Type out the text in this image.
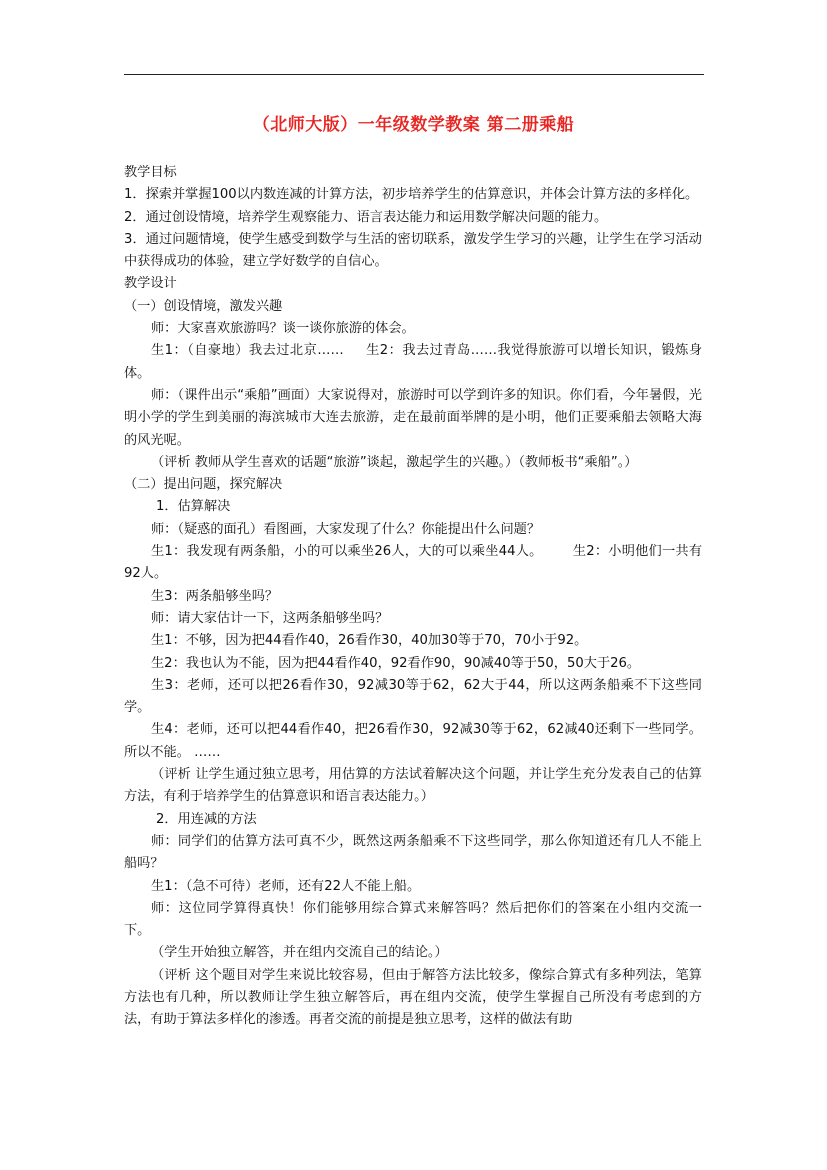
（北师大版）一年级数学教案 第二册乘船

教学目标

1．探索并掌握100以内数连减的计算方法，初步培养学生的估算意识，并体会计算方法的多样化。

2．通过创设情境，培养学生观察能力、语言表达能力和运用数学解决问题的能力。

3．通过问题情境，使学生感受到数学与生活的密切联系，激发学生学习的兴趣，让学生在学习活动中获得成功的体验，建立学好数学的自信心。

教学设计

（一）创设情境，激发兴趣

师：大家喜欢旅游吗？谈一谈你旅游的体会。

生1：（自豪地）我去过北京…… 生2：我去过青岛……我觉得旅游可以增长知识，锻炼身体。

师：（课件出示“乘船”画面）大家说得对，旅游时可以学到许多的知识。你们看，今年暑假，光明小学的学生到美丽的海滨城市大连去旅游，走在最前面举牌的是小明，他们正要乘船去领略大海的风光呢。

（评析 教师从学生喜欢的话题“旅游”谈起，激起学生的兴趣。）（教师板书“乘船”。）

（二）提出问题，探究解决

1．估算解决

师：（疑惑的面孔）看图画，大家发现了什么？你能提出什么问题？

生1：我发现有两条船，小的可以乘坐26人，大的可以乘坐44人。 生2：小明他们一共有92人。

生3：两条船够坐吗？

师：请大家估计一下，这两条船够坐吗？

生1：不够，因为把44看作40，26看作30，40加30等于70，70小于92。

生2：我也认为不能，因为把44看作40，92看作90，90减40等于50，50大于26。

生3：老师，还可以把26看作30，92减30等于62，62大于44，所以这两条船乘不下这些同学。

生4：老师，还可以把44看作40，把26看作30，92减30等于62，62减40还剩下一些同学。所以不能。 ……

（评析 让学生通过独立思考，用估算的方法试着解决这个问题，并让学生充分发表自己的估算方法，有利于培养学生的估算意识和语言表达能力。）

2．用连减的方法

师：同学们的估算方法可真不少，既然这两条船乘不下这些同学，那么你知道还有几人不能上船吗？

生1：（急不可待）老师，还有22人不能上船。

师：这位同学算得真快！你们能够用综合算式来解答吗？然后把你们的答案在小组内交流一下。

（学生开始独立解答，并在组内交流自己的结论。）

（评析 这个题目对学生来说比较容易，但由于解答方法比较多，像综合算式有多种列法，笔算方法也有几种，所以教师让学生独立解答后，再在组内交流，使学生掌握自己所没有考虑到的方法，有助于算法多样化的渗透。再者交流的前提是独立思考，这样的做法有助
